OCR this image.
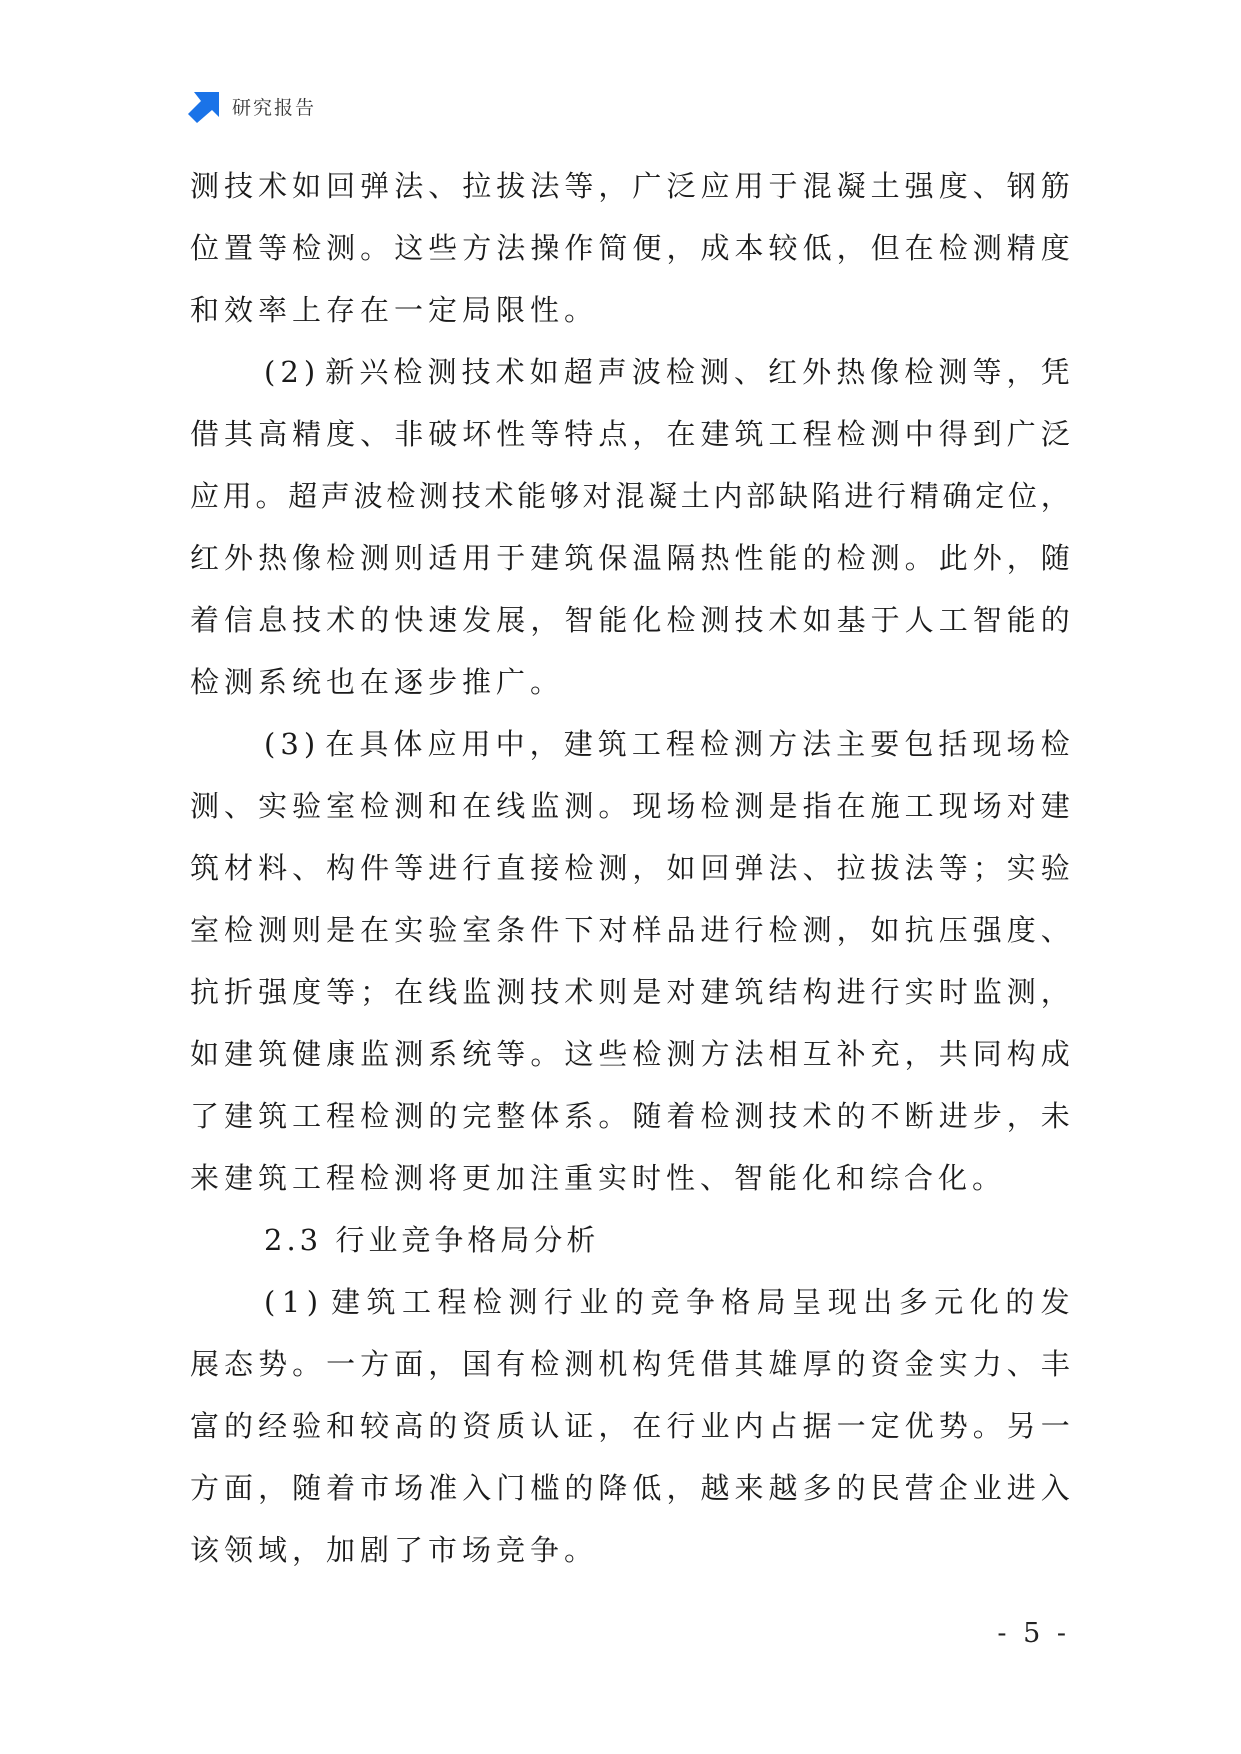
研究报告
测 技 术 如 回 弹 法 、 拉 拔 法 等 ， 广 泛 应 用 于 混 凝 土 强 度 、 钢 筋
位 置 等 检 测 。 这 些 方 法 操 作 简 便 ， 成 本 较 低 ， 但 在 检 测 精 度
和效率上存在一定局限性。
( 2 ) 新 兴 检 测 技 术 如 超 声 波 检 测 、 红 外 热 像 检 测 等 ， 凭
借 其 高 精 度 、 非 破 坏 性 等 特 点 ， 在 建 筑 工 程 检 测 中 得 到 广 泛
应 用 。 超 声 波 检 测 技 术 能 够 对 混 凝 土 内 部 缺 陷 进 行 精 确 定 位 ，
红 外 热 像 检 测 则 适 用 于 建 筑 保 温 隔 热 性 能 的 检 测 。 此 外 ， 随
着 信 息 技 术 的 快 速 发 展 ， 智 能 化 检 测 技 术 如 基 于 人 工 智 能 的
检测系统也在逐步推广。
( 3 ) 在 具 体 应 用 中 ， 建 筑 工 程 检 测 方 法 主 要 包 括 现 场 检
测 、 实 验 室 检 测 和 在 线 监 测 。 现 场 检 测 是 指 在 施 工 现 场 对 建
筑 材 料 、 构 件 等 进 行 直 接 检 测 ， 如 回 弹 法 、 拉 拔 法 等 ； 实 验
室 检 测 则 是 在 实 验 室 条 件 下 对 样 品 进 行 检 测 ， 如 抗 压 强 度 、
抗 折 强 度 等 ； 在 线 监 测 技 术 则 是 对 建 筑 结 构 进 行 实 时 监 测 ，
如 建 筑 健 康 监 测 系 统 等 。 这 些 检 测 方 法 相 互 补 充 ， 共 同 构 成
了 建 筑 工 程 检 测 的 完 整 体 系 。 随 着 检 测 技 术 的 不 断 进 步 ， 未
来建筑工程检测将更加注重实时性、智能化和综合化。
2.3 行业竞争格局分析
( 1 ) 建 筑 工 程 检 测 行 业 的 竞 争 格 局 呈 现 出 多 元 化 的 发
展 态 势 。 一 方 面 ， 国 有 检 测 机 构 凭 借 其 雄 厚 的 资 金 实 力 、 丰
富 的 经 验 和 较 高 的 资 质 认 证 ， 在 行 业 内 占 据 一 定 优 势 。 另 一
方 面 ， 随 着 市 场 准 入 门 槛 的 降 低 ， 越 来 越 多 的 民 营 企 业 进 入
该领域，加剧了市场竞争。
- 5 -
